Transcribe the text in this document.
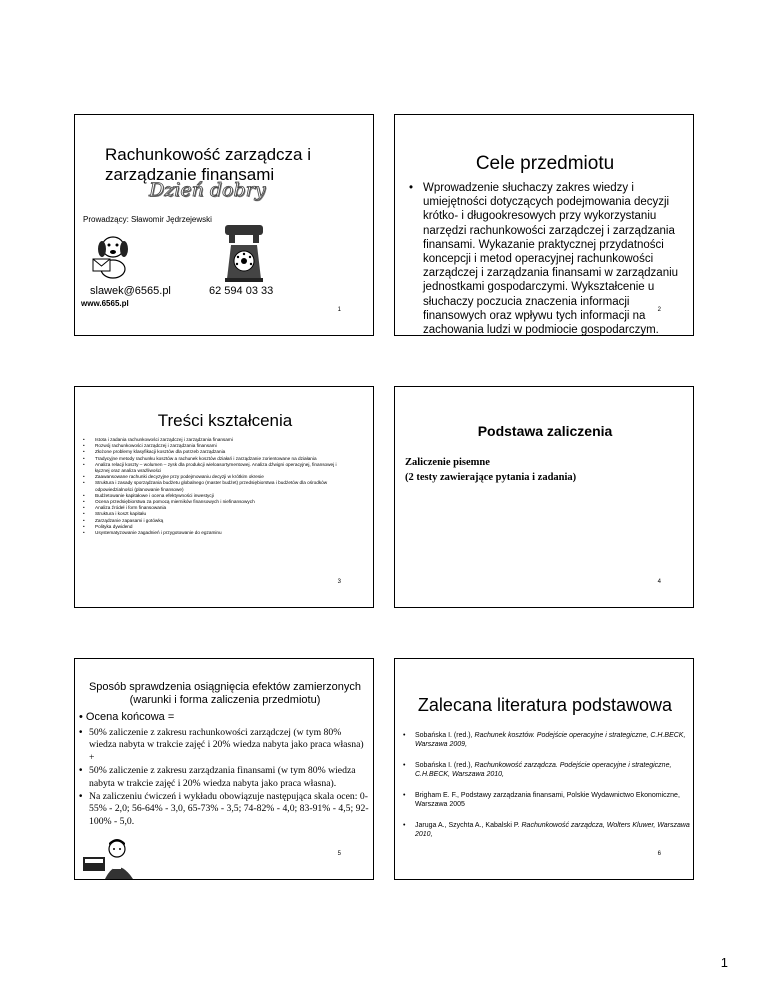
Rachunkowość zarządcza i zarządzanie finansami
Dzień dobry
Prowadzący: Sławomir Jędrzejewski
slawek@6565.pl	62 594 03 33
www.6565.pl
1
Cele przedmiotu
• Wprowadzenie słuchaczy zakres wiedzy i umiejętności dotyczących podejmowania decyzji krótko- i długookresowych przy wykorzystaniu narzędzi rachunkowości zarządczej i zarządzania finansami. Wykazanie praktycznej przydatności koncepcji i metod operacyjnej rachunkowości zarządczej i zarządzania finansami w zarządzaniu jednostkami gospodarczymi. Wykształcenie u słuchaczy poczucia znaczenia informacji finansowych oraz wpływu tych informacji na zachowania ludzi w podmiocie gospodarczym.
2
Treści kształcenia
• Istota i zadania rachunkowości zarządczej i zarządzania finansami
• Rozwój rachunkowości zarządczej i zarządzania finansami
• Złożone problemy klasyfikacji kosztów dla potrzeb zarządzania
• Tradycyjne metody rachunku kosztów a rachunek kosztów działań i zarządzanie zorientowane na działania
• Analiza relacji koszty – wolumen – zysk dla produkcji wieloasortymentowej. Analiza dźwigni operacyjnej, finansowej i łącznej oraz analiza wrażliwości
• Zaawansowane rachunki decyzyjne przy podejmowaniu decyzji w krótkim okresie
• Struktura i zasady sporządzania budżetu globalnego (master budżet) przedsiębiorstwa i budżetów dla ośrodków odpowiedzialności (planowanie finansowe)
• Budżetowanie kapitałowe i ocena efektywności inwestycji
• Ocena przedsiębiorstwa za pomocą mierników finansowych i niefinansowych
• Analiza źródeł i form finansowania
• Struktura i koszt kapitału
• Zarządzanie zapasami i gotówką
• Polityka dywidend
• Usystematyzowanie zagadnień i przygotowanie do egzaminu
3
Podstawa zaliczenia
Zaliczenie pisemne
(2 testy zawierające pytania i zadania)
4
Sposób sprawdzenia osiągnięcia efektów zamierzonych (warunki i forma zaliczenia przedmiotu)
• Ocena końcowa =
• 50% zaliczenie z zakresu rachunkowości zarządczej (w tym 80% wiedza nabyta w trakcie zajęć i 20% wiedza nabyta jako praca własna) +
• 50% zaliczenie z zakresu zarządzania finansami (w tym 80% wiedza nabyta w trakcie zajęć i 20% wiedza nabyta jako praca własna).
• Na zaliczeniu ćwiczeń i wykładu obowiązuje następująca skala ocen: 0-55% - 2,0; 56-64% - 3,0, 65-73% - 3,5; 74-82% - 4,0; 83-91% - 4,5; 92-100% - 5,0.
5
Zalecana literatura podstawowa
• Sobańska I. (red.), Rachunek kosztów. Podejście operacyjne i strategiczne, C.H.BECK, Warszawa 2009,
• Sobańska I. (red.), Rachunkowość zarządcza. Podejście operacyjne i strategiczne, C.H.BECK, Warszawa 2010,
• Brigham E. F., Podstawy zarządzania finansami, Polskie Wydawnictwo Ekonomiczne, Warszawa 2005
• Jaruga A., Szychta A., Kabalski P. Rachunkowość zarządcza, Wolters Kluwer, Warszawa 2010,
6
1
